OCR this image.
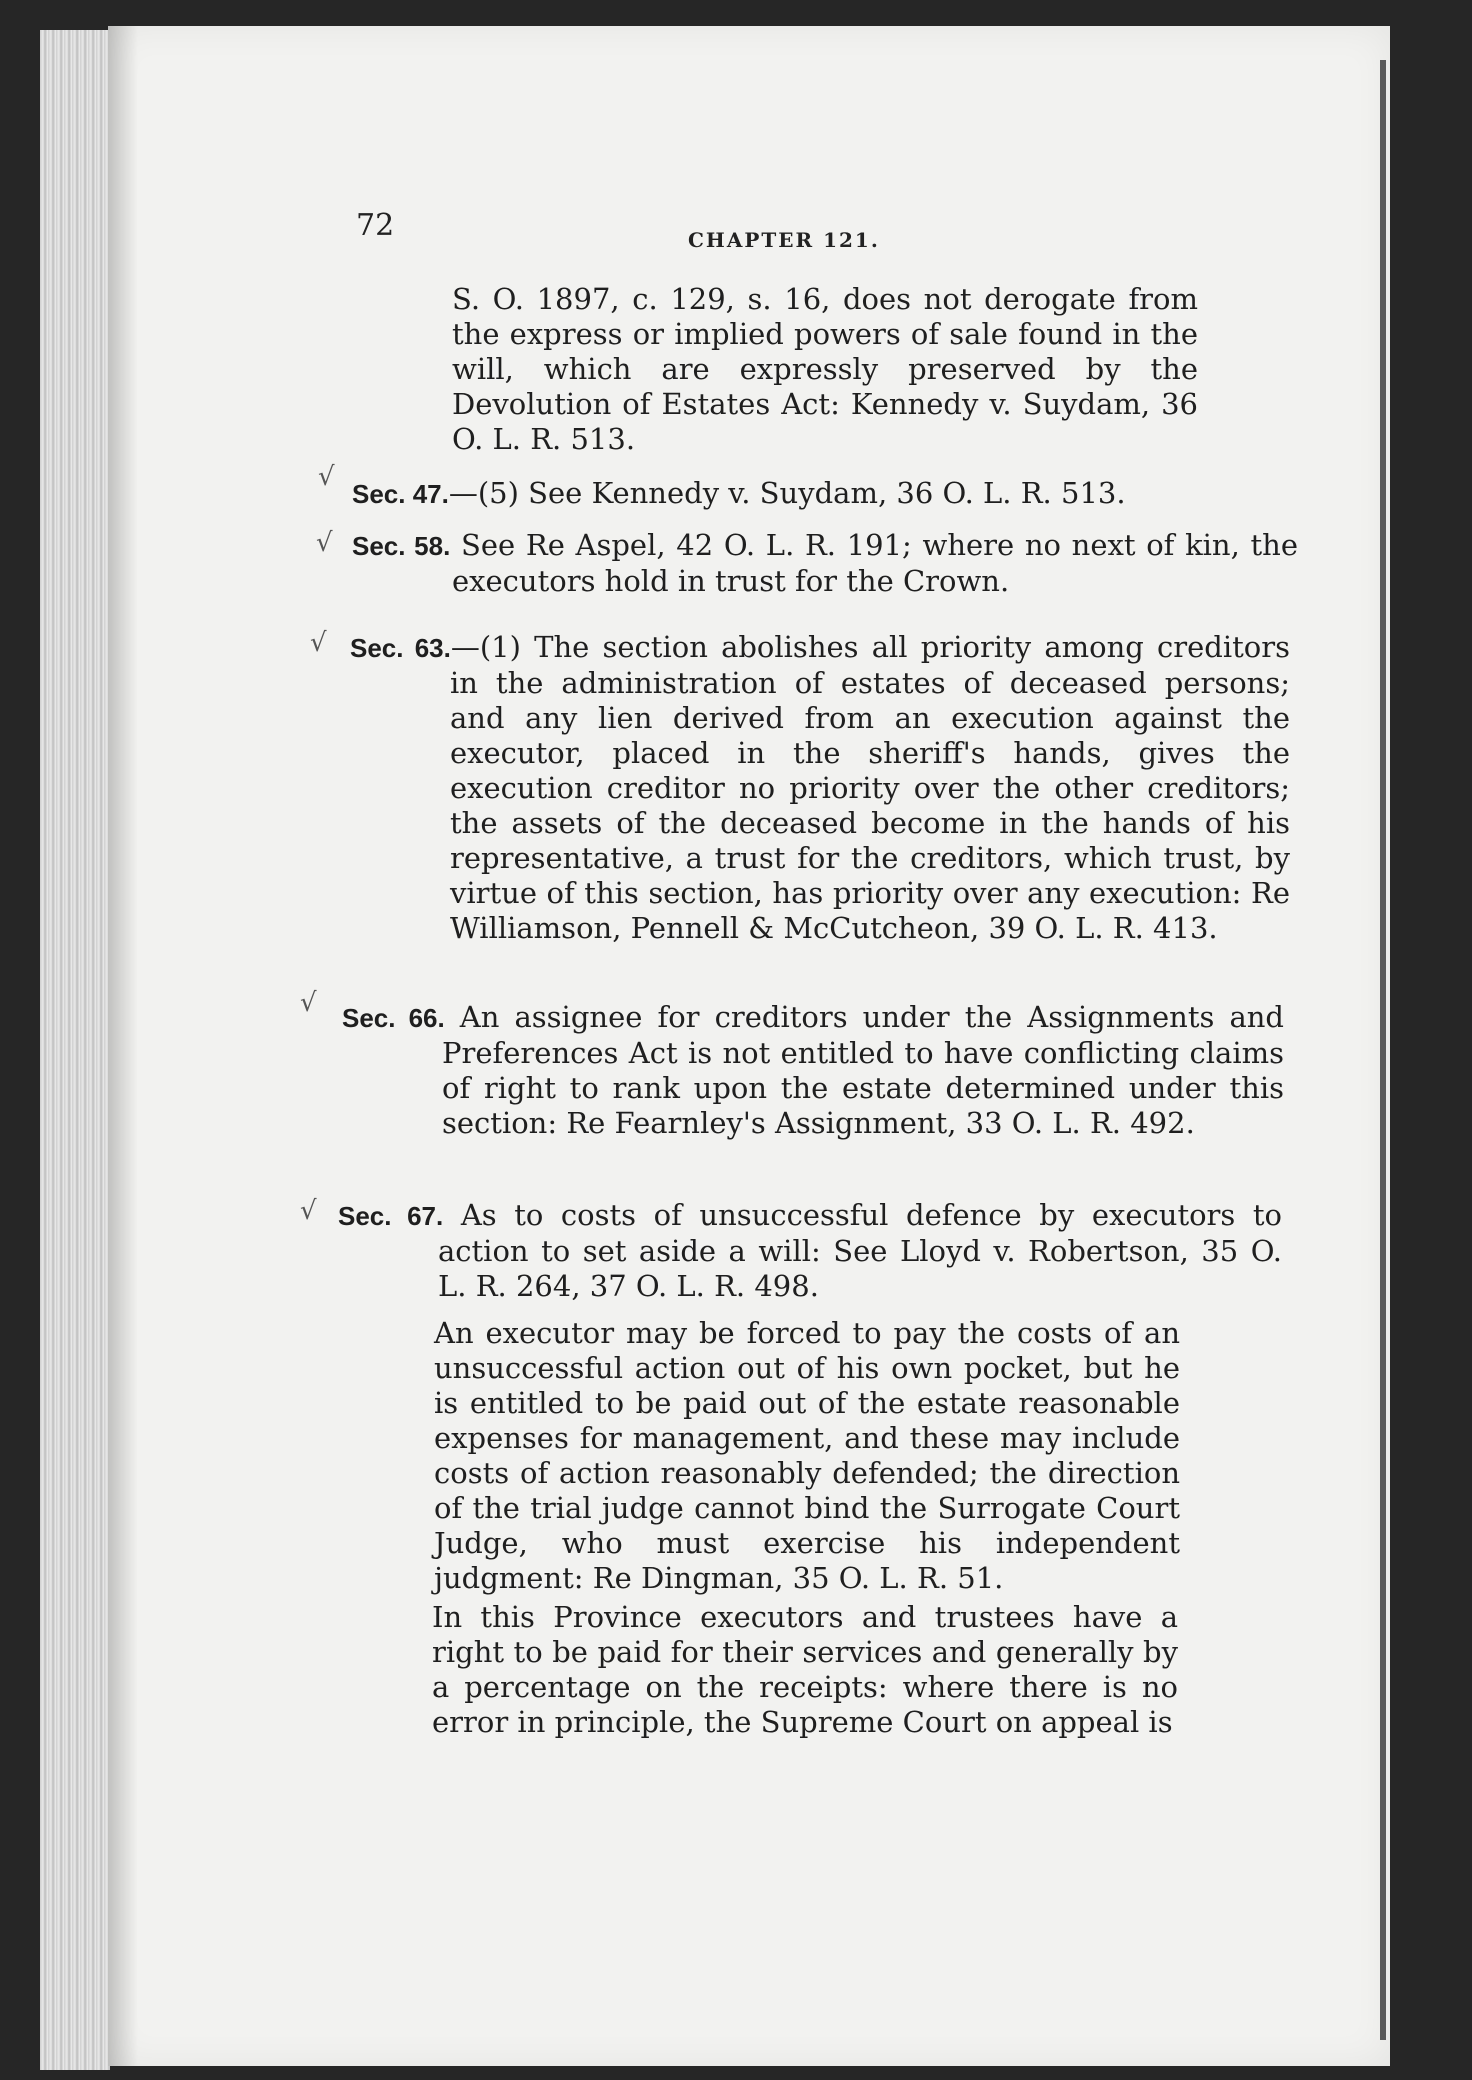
72	CHAPTER 121.

S. O. 1897, c. 129, s. 16, does not derogate from the express or implied powers of sale found in the will, which are expressly preserved by the Devolution of Estates Act: Kennedy v. Suydam, 36 O. L. R. 513.

√

Sec. 47.—(5) See Kennedy v. Suydam, 36 O. L. R. 513.

√ Sec. 58. See Re Aspel, 42 O. L. R. 191; where no next of kin, the executors hold in trust for the Crown.

√ Sec. 63.—(1) The section abolishes all priority among creditors in the administration of estates of deceased persons; and any lien derived from an execution against the executor, placed in the sheriff's hands, gives the execution creditor no priority over the other creditors; the assets of the deceased become in the hands of his representative, a trust for the creditors, which trust, by virtue of this section, has priority over any execution: Re Williamson, Pennell & McCutcheon, 39 O. L. R. 413.

√ Sec. 66. An assignee for creditors under the Assignments and Preferences Act is not entitled to have conflicting claims of right to rank upon the estate determined under this section: Re Fearnley's Assignment, 33 O. L. R. 492.

√ Sec. 67. As to costs of unsuccessful defence by executors to action to set aside a will: See Lloyd v. Robertson, 35 O. L. R. 264, 37 O. L. R. 498.

An executor may be forced to pay the costs of an unsuccessful action out of his own pocket, but he is entitled to be paid out of the estate reasonable expenses for management, and these may include costs of action reasonably defended; the direction of the trial judge cannot bind the Surrogate Court Judge, who must exercise his independent judgment: Re Dingman, 35 O. L. R. 51.

In this Province executors and trustees have a right to be paid for their services and generally by a percentage on the receipts: where there is no error in principle, the Supreme Court on appeal is
